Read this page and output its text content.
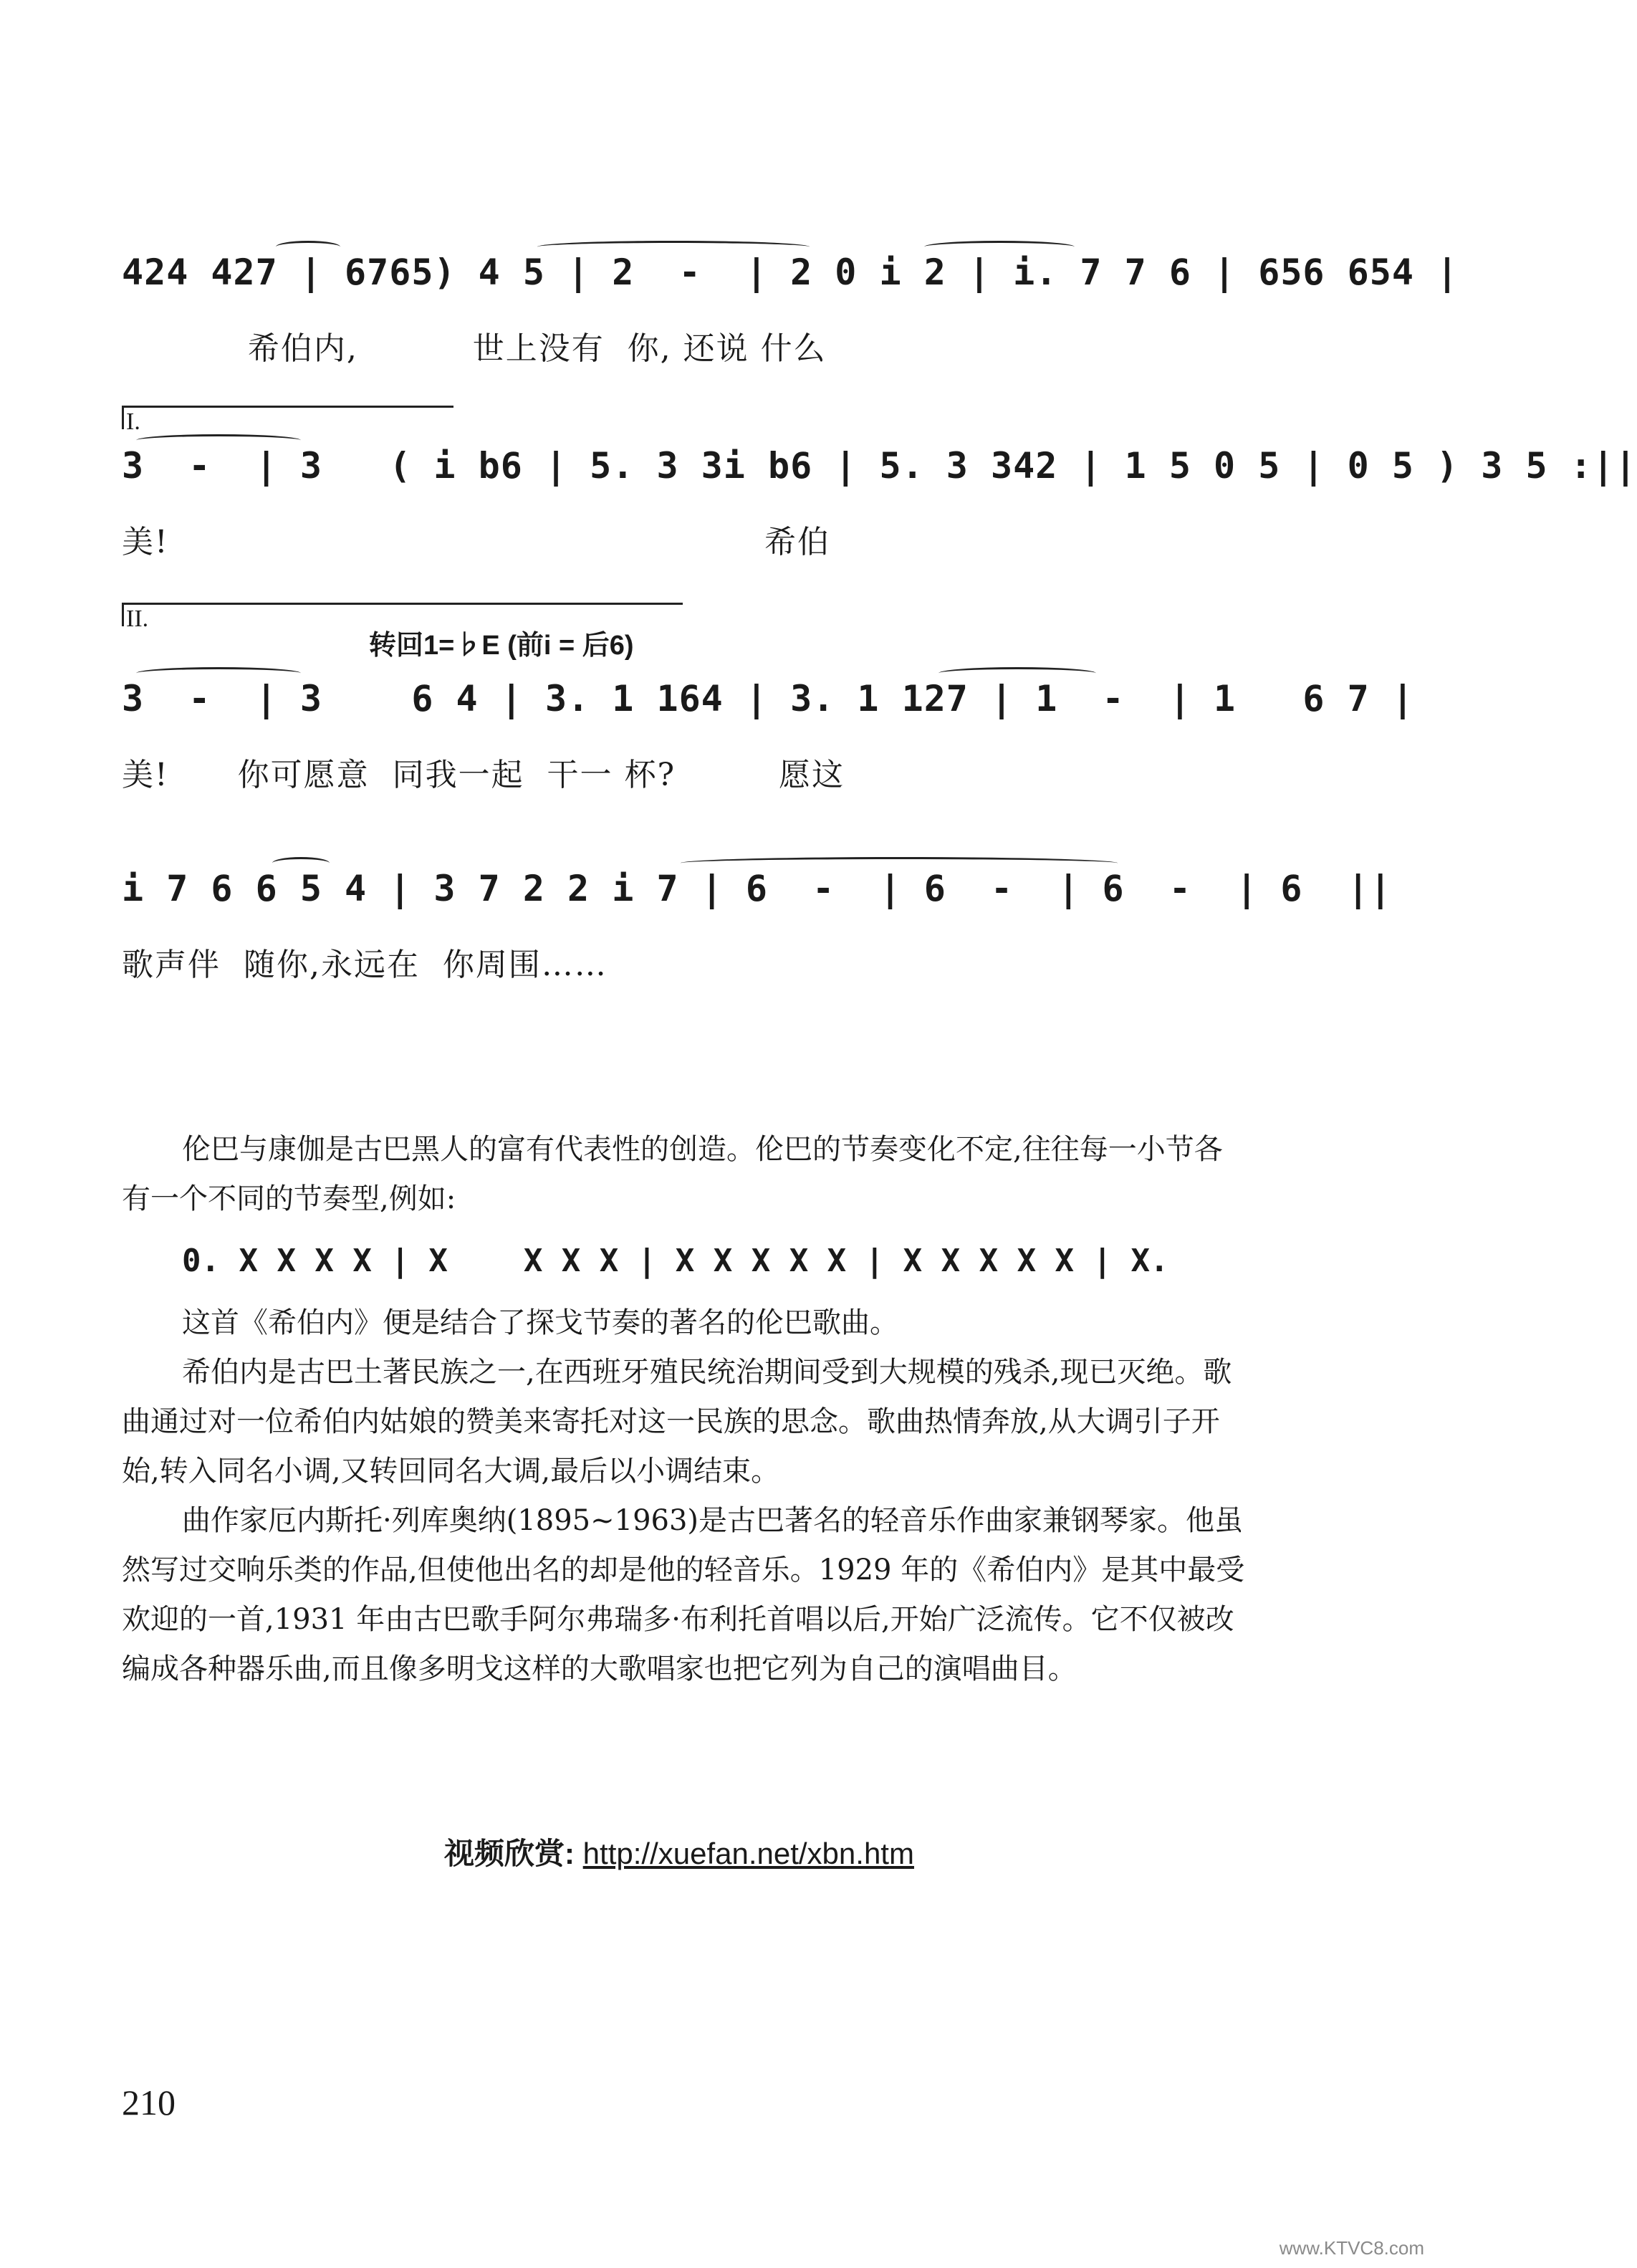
424 427 | 6765) 4 5 | 2  -  | 2 0 i 2 | i. 7 7 6 | 656 654 |
希伯内,          世上没有  你, 还说 什么
I.
3  -  | 3   ( i b6 | 5. 3 3i b6 | 5. 3 342 | 1 5 0 5 | 0 5 ) 3 5 :||
美!                                                    希伯
II.
转回1=♭E (前i = 后6)
3  -  | 3    6 4 | 3. 1 164 | 3. 1 127 | 1  -  | 1   6 7 |
美!      你可愿意  同我一起  干一 杯?         愿这
i 7 6 6 5 4 | 3 7 2 2 i 7 | 6  -  | 6  -  | 6  -  | 6  ||
歌声伴  随你,永远在  你周围……

伦巴与康伽是古巴黑人的富有代表性的创造。伦巴的节奏变化不定,往往每一小节各有一个不同的节奏型,例如:

0. X X X X | X    X X X | X X X X X | X X X X X | X.

这首《希伯内》便是结合了探戈节奏的著名的伦巴歌曲。

希伯内是古巴土著民族之一,在西班牙殖民统治期间受到大规模的残杀,现已灭绝。歌曲通过对一位希伯内姑娘的赞美来寄托对这一民族的思念。歌曲热情奔放,从大调引子开始,转入同名小调,又转回同名大调,最后以小调结束。

曲作家厄内斯托·列库奥纳(1895~1963)是古巴著名的轻音乐作曲家兼钢琴家。他虽然写过交响乐类的作品,但使他出名的却是他的轻音乐。1929 年的《希伯内》是其中最受欢迎的一首,1931 年由古巴歌手阿尔弗瑞多·布利托首唱以后,开始广泛流传。它不仅被改编成各种器乐曲,而且像多明戈这样的大歌唱家也把它列为自己的演唱曲目。

视频欣赏: http://xuefan.net/xbn.htm
210
www.KTVC8.com
